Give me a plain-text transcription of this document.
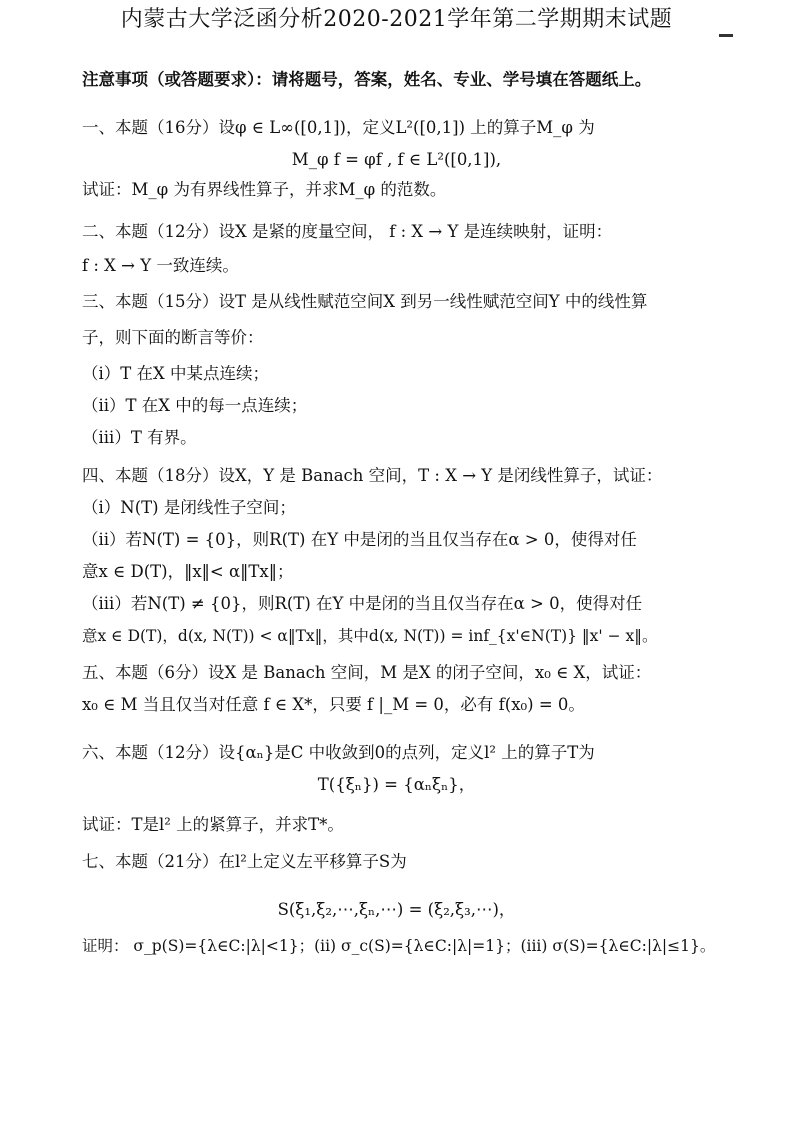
内蒙古大学泛函分析2020-2021学年第二学期期末试题
注意事项（或答题要求）：请将题号，答案，姓名、专业、学号填在答题纸上。
一、本题（16分）设φ ∈ L∞([0,1])，定义L²([0,1]) 上的算子M_φ 为
M_φ f = φf , f ∈ L²([0,1]),
试证：M_φ 为有界线性算子，并求M_φ 的范数。
二、本题（12分）设X 是紧的度量空间， f : X → Y 是连续映射，证明：
f : X → Y 一致连续。
三、本题（15分）设T 是从线性赋范空间X 到另一线性赋范空间Y 中的线性算
子，则下面的断言等价：
（i）T 在X 中某点连续；
（ii）T 在X 中的每一点连续；
（iii）T 有界。
四、本题（18分）设X，Y 是 Banach 空间，T : X → Y 是闭线性算子，试证：
（i）N(T) 是闭线性子空间；
（ii）若N(T) = {0}，则R(T) 在Y 中是闭的当且仅当存在α > 0，使得对任
意x ∈ D(T)，‖x‖< α‖Tx‖；
（iii）若N(T) ≠ {0}，则R(T) 在Y 中是闭的当且仅当存在α > 0，使得对任
意x ∈ D(T)，d(x, N(T)) < α‖Tx‖，其中d(x, N(T)) = inf_{x'∈N(T)} ‖x' − x‖。
五、本题（6分）设X 是 Banach 空间，M 是X 的闭子空间，x₀ ∈ X，试证：
x₀ ∈ M 当且仅当对任意 f ∈ X*，只要 f |_M = 0，必有 f(x₀) = 0。
六、本题（12分）设{αₙ}是C 中收敛到0的点列，定义l² 上的算子T为
T({ξₙ}) = {αₙξₙ}，
试证：T是l² 上的紧算子，并求T*。
七、本题（21分）在l²上定义左平移算子S为
S(ξ₁,ξ₂,⋯,ξₙ,⋯) = (ξ₂,ξ₃,⋯)，
证明： σ_p(S)={λ∈C:|λ|<1}；(ii) σ_c(S)={λ∈C:|λ|=1}；(iii) σ(S)={λ∈C:|λ|≤1}。
